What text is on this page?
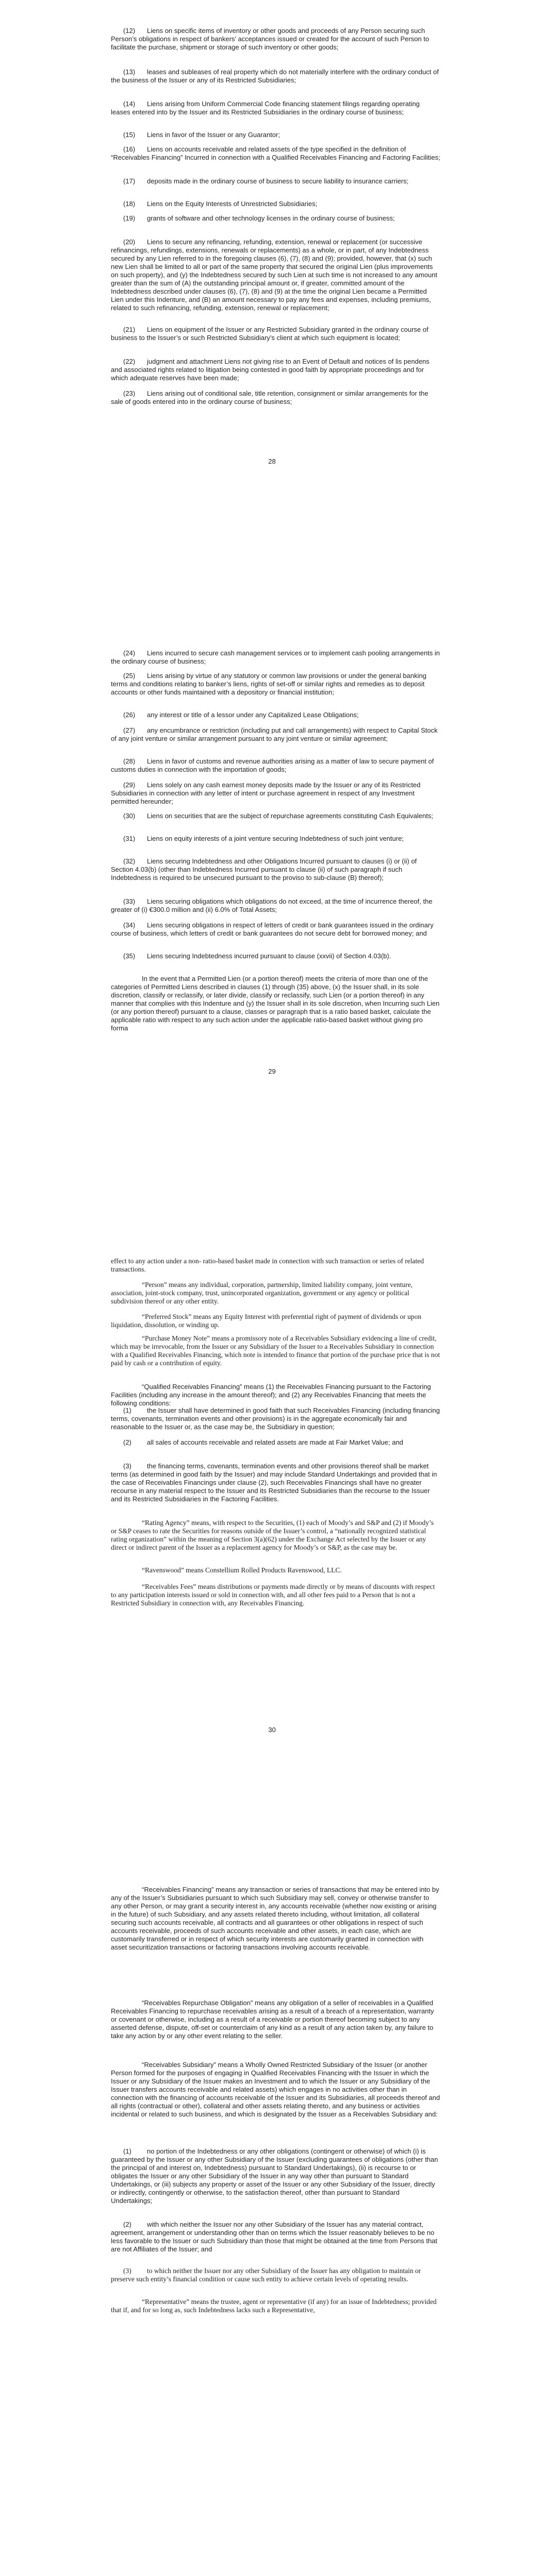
(12) Liens on specific items of inventory or other goods and proceeds of any Person securing such Person’s obligations in respect of bankers’ acceptances issued or created for the account of such Person to facilitate the purchase, shipment or storage of such inventory or other goods;

(13) leases and subleases of real property which do not materially interfere with the ordinary conduct of the business of the Issuer or any of its Restricted Subsidiaries;

(14) Liens arising from Uniform Commercial Code financing statement filings regarding operating leases entered into by the Issuer and its Restricted Subsidiaries in the ordinary course of business;

(15) Liens in favor of the Issuer or any Guarantor;

(16) Liens on accounts receivable and related assets of the type specified in the definition of “Receivables Financing” Incurred in connection with a Qualified Receivables Financing and Factoring Facilities;

(17) deposits made in the ordinary course of business to secure liability to insurance carriers;

(18) Liens on the Equity Interests of Unrestricted Subsidiaries;

(19) grants of software and other technology licenses in the ordinary course of business;

(20) Liens to secure any refinancing, refunding, extension, renewal or replacement (or successive refinancings, refundings, extensions, renewals or replacements) as a whole, or in part, of any Indebtedness secured by any Lien referred to in the foregoing clauses (6), (7), (8) and (9); provided, however, that (x) such new Lien shall be limited to all or part of the same property that secured the original Lien (plus improvements on such property), and (y) the Indebtedness secured by such Lien at such time is not increased to any amount greater than the sum of (A) the outstanding principal amount or, if greater, committed amount of the Indebtedness described under clauses (6), (7), (8) and (9) at the time the original Lien became a Permitted Lien under this Indenture, and (B) an amount necessary to pay any fees and expenses, including premiums, related to such refinancing, refunding, extension, renewal or replacement;

(21) Liens on equipment of the Issuer or any Restricted Subsidiary granted in the ordinary course of business to the Issuer’s or such Restricted Subsidiary’s client at which such equipment is located;

(22) judgment and attachment Liens not giving rise to an Event of Default and notices of lis pendens and associated rights related to litigation being contested in good faith by appropriate proceedings and for which adequate reserves have been made;

(23) Liens arising out of conditional sale, title retention, consignment or similar arrangements for the sale of goods entered into in the ordinary course of business;

28

(24) Liens incurred to secure cash management services or to implement cash pooling arrangements in the ordinary course of business;

(25) Liens arising by virtue of any statutory or common law provisions or under the general banking terms and conditions relating to banker’s liens, rights of set-off or similar rights and remedies as to deposit accounts or other funds maintained with a depository or financial institution;

(26) any interest or title of a lessor under any Capitalized Lease Obligations;

(27) any encumbrance or restriction (including put and call arrangements) with respect to Capital Stock of any joint venture or similar arrangement pursuant to any joint venture or similar agreement;

(28) Liens in favor of customs and revenue authorities arising as a matter of law to secure payment of customs duties in connection with the importation of goods;

(29) Liens solely on any cash earnest money deposits made by the Issuer or any of its Restricted Subsidiaries in connection with any letter of intent or purchase agreement in respect of any Investment permitted hereunder;

(30) Liens on securities that are the subject of repurchase agreements constituting Cash Equivalents;

(31) Liens on equity interests of a joint venture securing Indebtedness of such joint venture;

(32) Liens securing Indebtedness and other Obligations Incurred pursuant to clauses (i) or (ii) of Section 4.03(b) (other than Indebtedness Incurred pursuant to clause (ii) of such paragraph if such Indebtedness is required to be unsecured pursuant to the proviso to sub-clause (B) thereof);

(33) Liens securing obligations which obligations do not exceed, at the time of incurrence thereof, the greater of (i) €300.0 million and (ii) 6.0% of Total Assets;

(34) Liens securing obligations in respect of letters of credit or bank guarantees issued in the ordinary course of business, which letters of credit or bank guarantees do not secure debt for borrowed money; and

(35) Liens securing Indebtedness incurred pursuant to clause (xxvii) of Section 4.03(b).

In the event that a Permitted Lien (or a portion thereof) meets the criteria of more than one of the categories of Permitted Liens described in clauses (1) through (35) above, (x) the Issuer shall, in its sole discretion, classify or reclassify, or later divide, classify or reclassify, such Lien (or a portion thereof) in any manner that complies with this Indenture and (y) the Issuer shall in its sole discretion, when Incurring such Lien (or any portion thereof) pursuant to a clause, classes or paragraph that is a ratio based basket, calculate the applicable ratio with respect to any such action under the applicable ratio-based basket without giving pro forma

29

effect to any action under a non- ratio-based basket made in connection with such transaction or series of related transactions.

“Person” means any individual, corporation, partnership, limited liability company, joint venture, association, joint-stock company, trust, unincorporated organization, government or any agency or political subdivision thereof or any other entity.

“Preferred Stock” means any Equity Interest with preferential right of payment of dividends or upon liquidation, dissolution, or winding up.

“Purchase Money Note” means a promissory note of a Receivables Subsidiary evidencing a line of credit, which may be irrevocable, from the Issuer or any Subsidiary of the Issuer to a Receivables Subsidiary in connection with a Qualified Receivables Financing, which note is intended to finance that portion of the purchase price that is not paid by cash or a contribution of equity.

“Qualified Receivables Financing” means (1) the Receivables Financing pursuant to the Factoring Facilities (including any increase in the amount thereof); and (2) any Receivables Financing that meets the following conditions:

(1) the Issuer shall have determined in good faith that such Receivables Financing (including financing terms, covenants, termination events and other provisions) is in the aggregate economically fair and reasonable to the Issuer or, as the case may be, the Subsidiary in question;

(2) all sales of accounts receivable and related assets are made at Fair Market Value; and

(3) the financing terms, covenants, termination events and other provisions thereof shall be market terms (as determined in good faith by the Issuer) and may include Standard Undertakings and provided that in the case of Receivables Financings under clause (2), such Receivables Financings shall have no greater recourse in any material respect to the Issuer and its Restricted Subsidiaries than the recourse to the Issuer and its Restricted Subsidiaries in the Factoring Facilities.

“Rating Agency” means, with respect to the Securities, (1) each of Moody’s and S&P and (2) if Moody’s or S&P ceases to rate the Securities for reasons outside of the Issuer’s control, a “nationally recognized statistical rating organization” within the meaning of Section 3(a)(62) under the Exchange Act selected by the Issuer or any direct or indirect parent of the Issuer as a replacement agency for Moody’s or S&P, as the case may be.

“Ravenswood” means Constellium Rolled Products Ravenswood, LLC.

“Receivables Fees” means distributions or payments made directly or by means of discounts with respect to any participation interests issued or sold in connection with, and all other fees paid to a Person that is not a Restricted Subsidiary in connection with, any Receivables Financing.

30

“Receivables Financing” means any transaction or series of transactions that may be entered into by any of the Issuer’s Subsidiaries pursuant to which such Subsidiary may sell, convey or otherwise transfer to any other Person, or may grant a security interest in, any accounts receivable (whether now existing or arising in the future) of such Subsidiary, and any assets related thereto including, without limitation, all collateral securing such accounts receivable, all contracts and all guarantees or other obligations in respect of such accounts receivable, proceeds of such accounts receivable and other assets, in each case, which are customarily transferred or in respect of which security interests are customarily granted in connection with asset securitization transactions or factoring transactions involving accounts receivable.

“Receivables Repurchase Obligation” means any obligation of a seller of receivables in a Qualified Receivables Financing to repurchase receivables arising as a result of a breach of a representation, warranty or covenant or otherwise, including as a result of a receivable or portion thereof becoming subject to any asserted defense, dispute, off-set or counterclaim of any kind as a result of any action taken by, any failure to take any action by or any other event relating to the seller.

“Receivables Subsidiary” means a Wholly Owned Restricted Subsidiary of the Issuer (or another Person formed for the purposes of engaging in Qualified Receivables Financing with the Issuer in which the Issuer or any Subsidiary of the Issuer makes an Investment and to which the Issuer or any Subsidiary of the Issuer transfers accounts receivable and related assets) which engages in no activities other than in connection with the financing of accounts receivable of the Issuer and its Subsidiaries, all proceeds thereof and all rights (contractual or other), collateral and other assets relating thereto, and any business or activities incidental or related to such business, and which is designated by the Issuer as a Receivables Subsidiary and:

(1) no portion of the Indebtedness or any other obligations (contingent or otherwise) of which (i) is guaranteed by the Issuer or any other Subsidiary of the Issuer (excluding guarantees of obligations (other than the principal of and interest on, Indebtedness) pursuant to Standard Undertakings), (ii) is recourse to or obligates the Issuer or any other Subsidiary of the Issuer in any way other than pursuant to Standard Undertakings, or (iii) subjects any property or asset of the Issuer or any other Subsidiary of the Issuer, directly or indirectly, contingently or otherwise, to the satisfaction thereof, other than pursuant to Standard Undertakings;

(2) with which neither the Issuer nor any other Subsidiary of the Issuer has any material contract, agreement, arrangement or understanding other than on terms which the Issuer reasonably believes to be no less favorable to the Issuer or such Subsidiary than those that might be obtained at the time from Persons that are not Affiliates of the Issuer; and

(3) to which neither the Issuer nor any other Subsidiary of the Issuer has any obligation to maintain or preserve such entity’s financial condition or cause such entity to achieve certain levels of operating results.

“Representative” means the trustee, agent or representative (if any) for an issue of Indebtedness; provided that if, and for so long as, such Indebtedness lacks such a Representative,
